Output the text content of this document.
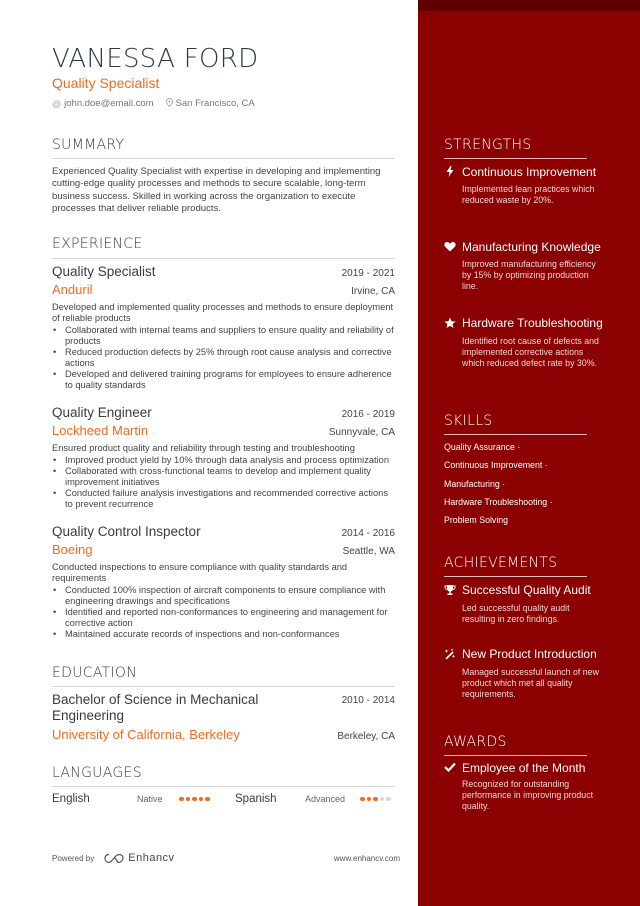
VANESSA FORD
Quality Specialist
@ john.doe@email.com San Francisco, CA
SUMMARY
Experienced Quality Specialist with expertise in developing and implementing cutting-edge quality processes and methods to secure scalable, long-term business success. Skilled in working across the organization to execute processes that deliver reliable products.
EXPERIENCE
Quality Specialist	2019 - 2021
Anduril	Irvine, CA
Developed and implemented quality processes and methods to ensure deployment of reliable products
• Collaborated with internal teams and suppliers to ensure quality and reliability of products
• Reduced production defects by 25% through root cause analysis and corrective actions
• Developed and delivered training programs for employees to ensure adherence to quality standards
Quality Engineer	2016 - 2019
Lockheed Martin	Sunnyvale, CA
Ensured product quality and reliability through testing and troubleshooting
• Improved product yield by 10% through data analysis and process optimization
• Collaborated with cross-functional teams to develop and implement quality improvement initiatives
• Conducted failure analysis investigations and recommended corrective actions to prevent recurrence
Quality Control Inspector	2014 - 2016
Boeing	Seattle, WA
Conducted inspections to ensure compliance with quality standards and requirements
• Conducted 100% inspection of aircraft components to ensure compliance with engineering drawings and specifications
• Identified and reported non-conformances to engineering and management for corrective action
• Maintained accurate records of inspections and non-conformances
EDUCATION
Bachelor of Science in Mechanical Engineering
2010 - 2014
University of California, Berkeley	Berkeley, CA
LANGUAGES
English	Native	Spanish	Advanced
Powered by	Enhancv	www.enhancv.com
STRENGTHS
Continuous Improvement
Implemented lean practices which reduced waste by 20%.
Manufacturing Knowledge
Improved manufacturing efficiency by 15% by optimizing production line.
Hardware Troubleshooting
Identified root cause of defects and implemented corrective actions which reduced defect rate by 30%.
SKILLS
Quality Assurance ·
Continuous Improvement ·
Manufacturing ·
Hardware Troubleshooting ·
Problem Solving
ACHIEVEMENTS
Successful Quality Audit
Led successful quality audit resulting in zero findings.
New Product Introduction
Managed successful launch of new product which met all quality requirements.
AWARDS
Employee of the Month
Recognized for outstanding performance in improving product quality.
